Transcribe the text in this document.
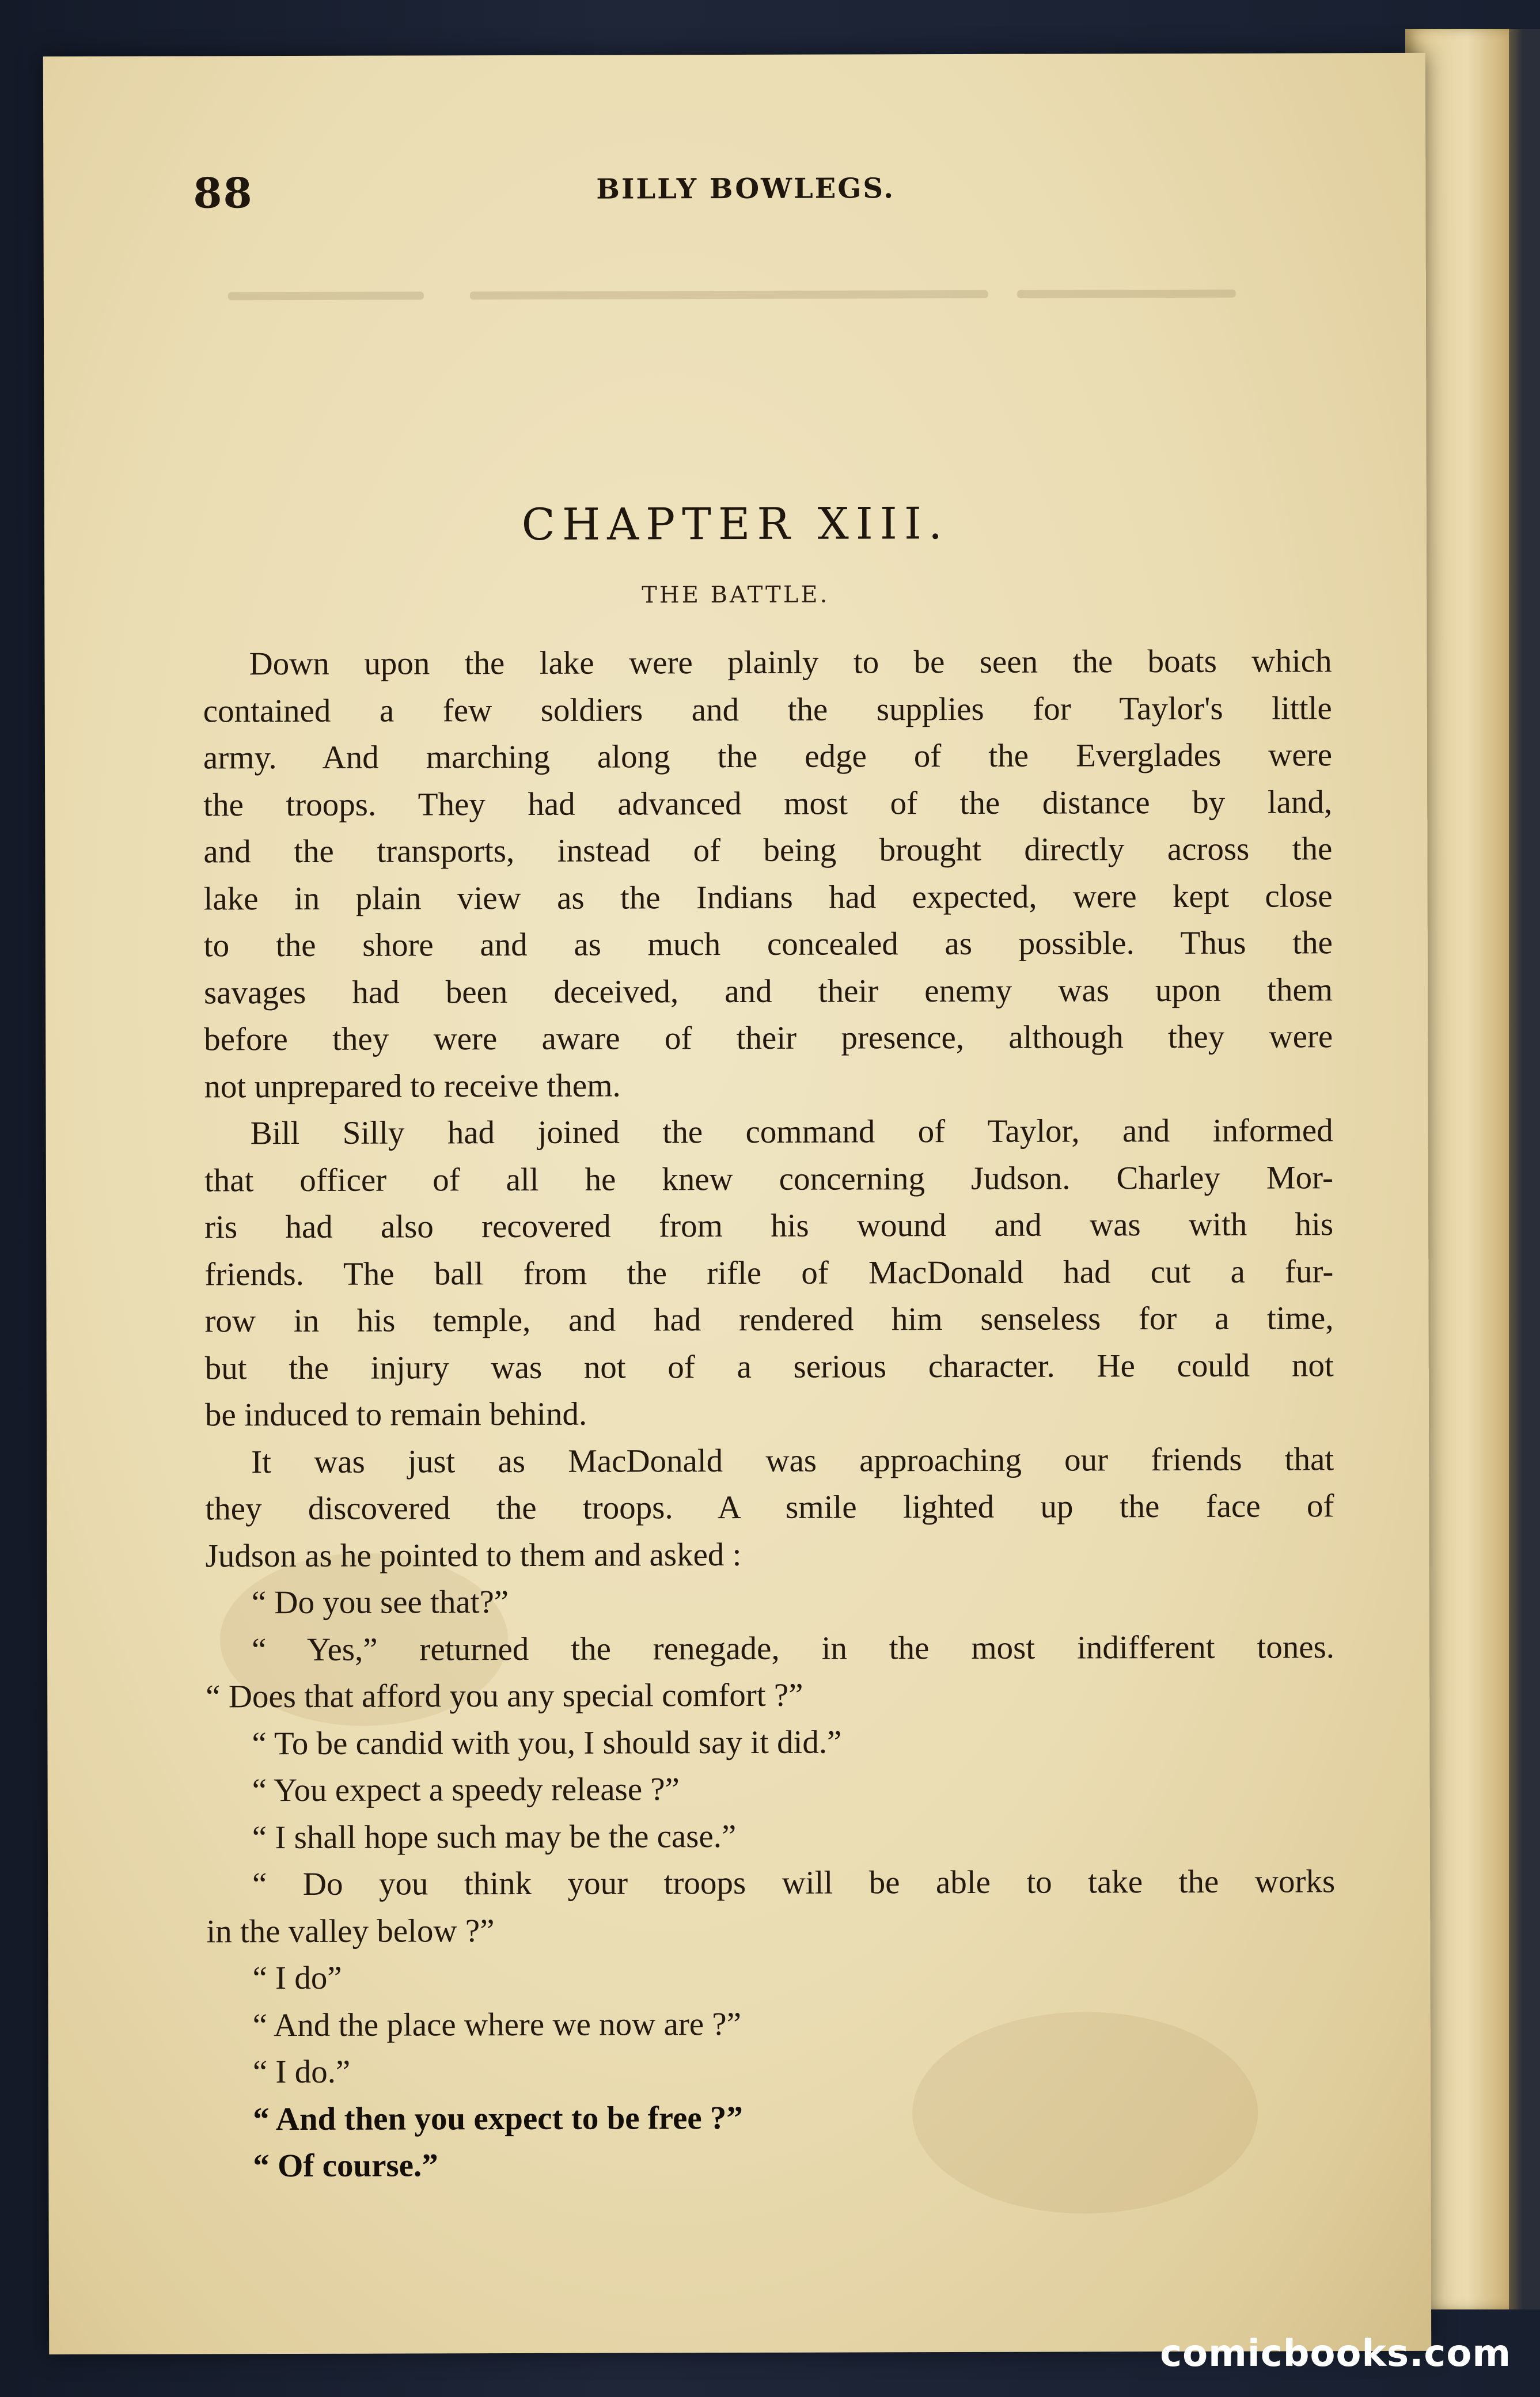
88	BILLY BOWLEGS.
CHAPTER XIII.
THE BATTLE.
Down upon the lake were plainly to be seen the boats which
contained a few soldiers and the supplies for Taylor's little
army. And marching along the edge of the Everglades were
the troops. They had advanced most of the distance by land,
and the transports, instead of being brought directly across the
lake in plain view as the Indians had expected, were kept close
to the shore and as much concealed as possible. Thus the
savages had been deceived, and their enemy was upon them
before they were aware of their presence, although they were
not unprepared to receive them.
Bill Silly had joined the command of Taylor, and informed
that officer of all he knew concerning Judson. Charley Mor-
ris had also recovered from his wound and was with his
friends. The ball from the rifle of MacDonald had cut a fur-
row in his temple, and had rendered him senseless for a time,
but the injury was not of a serious character. He could not
be induced to remain behind.
It was just as MacDonald was approaching our friends that
they discovered the troops. A smile lighted up the face of
Judson as he pointed to them and asked :
“ Do you see that?”
“ Yes,” returned the renegade, in the most indifferent tones.
“ Does that afford you any special comfort ?”
“ To be candid with you, I should say it did.”
“ You expect a speedy release ?”
“ I shall hope such may be the case.”
“ Do you think your troops will be able to take the works
in the valley below ?”
“ I do”
“ And the place where we now are ?”
“ I do.”
“ And then you expect to be free ?”
“ Of course.”
comicbooks.com
